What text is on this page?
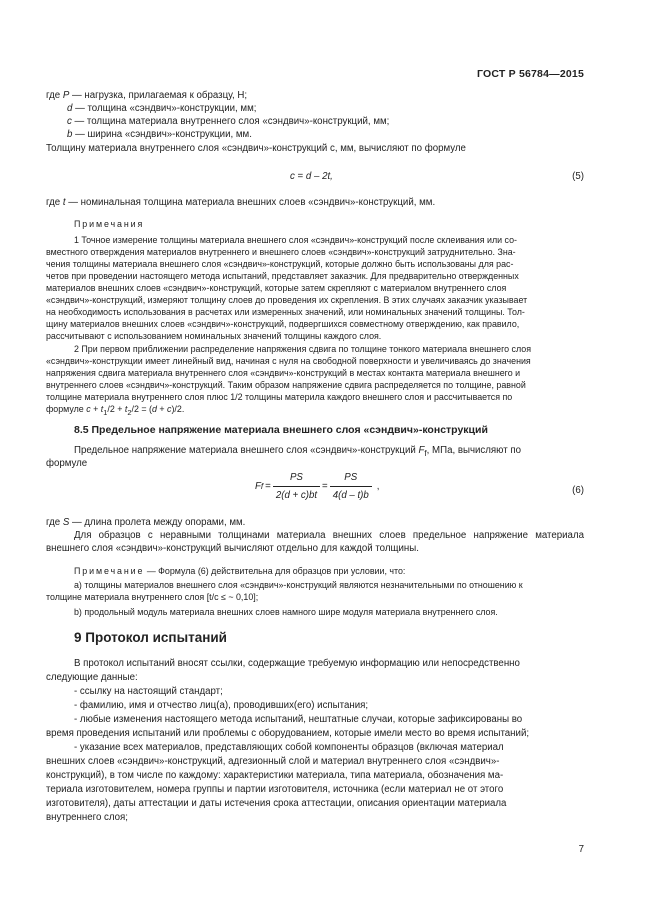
ГОСТ Р 56784—2015
где P — нагрузка, прилагаемая к образцу, Н;
d — толщина «сэндвич»-конструкции, мм;
c — толщина материала внутреннего слоя «сэндвич»-конструкций, мм;
b — ширина «сэндвич»-конструкции, мм.
Толщину материала внутреннего слоя «сэндвич»-конструкций с, мм, вычисляют по формуле
c = d – 2t,	(5)
где t — номинальная толщина материала внешних слоев «сэндвич»-конструкций, мм.
Примечания
1 Точное измерение толщины материала внешнего слоя «сэндвич»-конструкций после склеивания или со-
вместного отверждения материалов внутреннего и внешнего слоев «сэндвич»-конструкций затруднительно. Зна-
чения толщины материала внешнего слоя «сэндвич»-конструкций, которые должно быть использованы для рас-
четов при проведении настоящего метода испытаний, представляет заказчик. Для предварительно отвержденных
материалов внешних слоев «сэндвич»-конструкций, которые затем скрепляют с материалом внутреннего слоя
«сэндвич»-конструкций, измеряют толщину слоев до проведения их скрепления. В этих случаях заказчик указывает
на необходимость использования в расчетах или измеренных значений, или номинальных значений толщины. Тол-
щину материалов внешних слоев «сэндвич»-конструкций, подвергшихся совместному отверждению, как правило,
рассчитывают с использованием номинальных значений толщины каждого слоя.
2 При первом приближении распределение напряжения сдвига по толщине тонкого материала внешнего слоя
«сэндвич»-конструкции имеет линейный вид, начиная с нуля на свободной поверхности и увеличиваясь до значения
напряжения сдвига материала внутреннего слоя «сэндвич»-конструкций в местах контакта материала внешнего и
внутреннего слоев «сэндвич»-конструкций. Таким образом напряжение сдвига распределяется по толщине, равной
толщине материала внутреннего слоя плюс 1/2 толщины материла каждого внешнего слоя и рассчитывается по
формуле $c + t_1/2 + t_2/2 = (d + c)/2$.
8.5 Предельное напряжение материала внешнего слоя «сэндвич»-конструкций
Предельное напряжение материала внешнего слоя «сэндвич»-конструкций $F_f$, МПа, вычисляют по
формуле
F $f = \frac{PS}{2(d + c)bt} = \frac{PS}{4(d - t)b}$ ,	(6)
где S — длина пролета между опорами, мм.

Для образцов с неравными толщинами материала внешних слоев предельное напряжение материала внешнего слоя «сэндвич»-конструкций вычисляют отдельно для каждой толщины.

Примечание — Формула (6) действительна для образцов при условии, что:
а) толщины материалов внешнего слоя «сэндвич»-конструкций являются незначительными по отношению к
толщине материала внутреннего слоя [t/c ≤ ~ 0,10];
b) продольный модуль материала внешних слоев намного шире модуля материала внутреннего слоя.
9 Протокол испытаний
В протокол испытаний вносят ссылки, содержащие требуемую информацию или непосредственно
следующие данные:
- ссылку на настоящий стандарт;
- фамилию, имя и отчество лиц(а), проводивших(его) испытания;
- любые изменения настоящего метода испытаний, нештатные случаи, которые зафиксированы во
время проведения испытаний или проблемы с оборудованием, которые имели место во время испытаний;
- указание всех материалов, представляющих собой компоненты образцов (включая материал
внешних слоев «сэндвич»-конструкций, адгезионный слой и материал внутреннего слоя «сэндвич»-
конструкций), в том числе по каждому: характеристики материала, типа материала, обозначения ма-
териала изготовителем, номера группы и партии изготовителя, источника (если материал не от этого
изготовителя), даты аттестации и даты истечения срока аттестации, описания ориентации материала
внутреннего слоя;
7
